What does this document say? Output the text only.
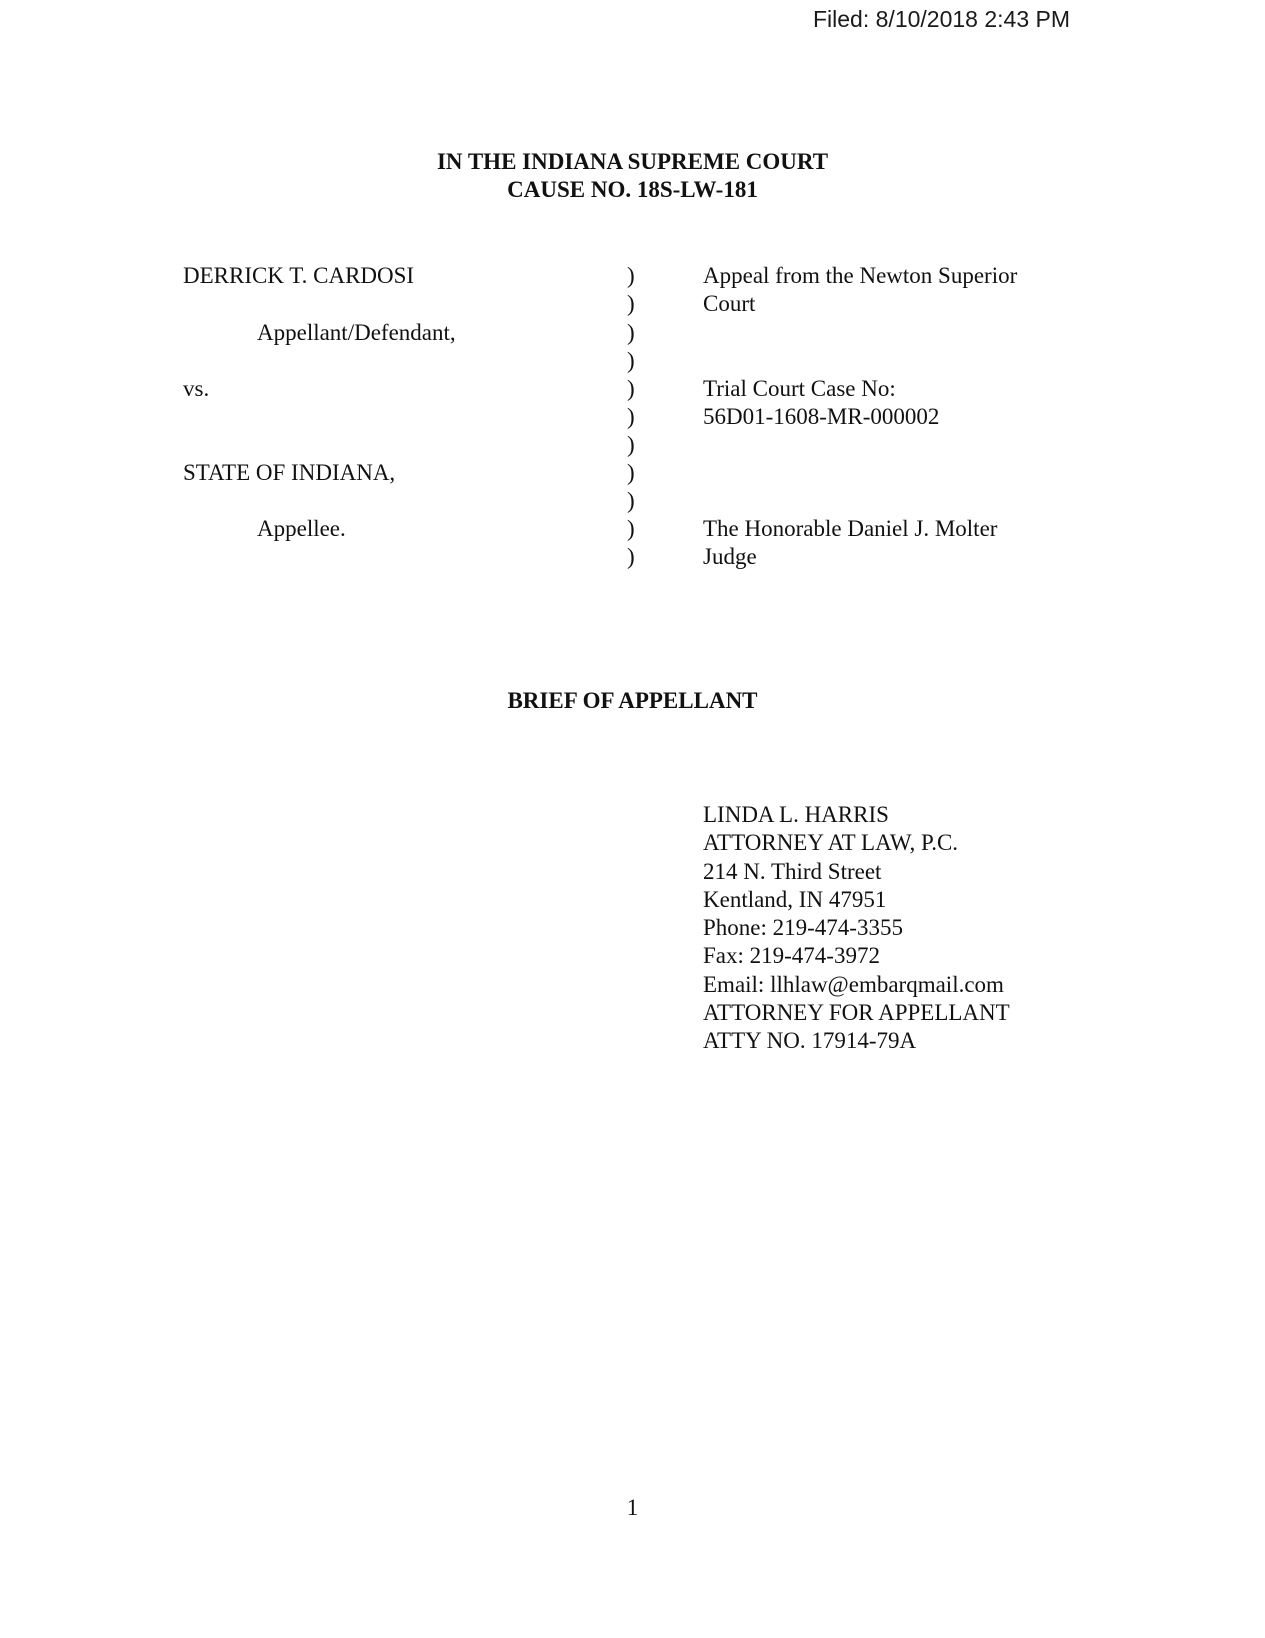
Filed: 8/10/2018 2:43 PM
IN THE INDIANA SUPREME COURT
CAUSE NO. 18S-LW-181
DERRICK T. CARDOSI
Appellant/Defendant,
vs.
STATE OF INDIANA,
Appellee.
)
)
)
)
)
)
)
)
)
)
)
Appeal from the Newton Superior
Court
Trial Court Case No:
56D01-1608-MR-000002
The Honorable Daniel J. Molter
Judge
BRIEF OF APPELLANT
LINDA L. HARRIS
ATTORNEY AT LAW, P.C.
214 N. Third Street
Kentland, IN 47951
Phone: 219-474-3355
Fax: 219-474-3972
Email: llhlaw@embarqmail.com
ATTORNEY FOR APPELLANT
ATTY NO. 17914-79A
1
